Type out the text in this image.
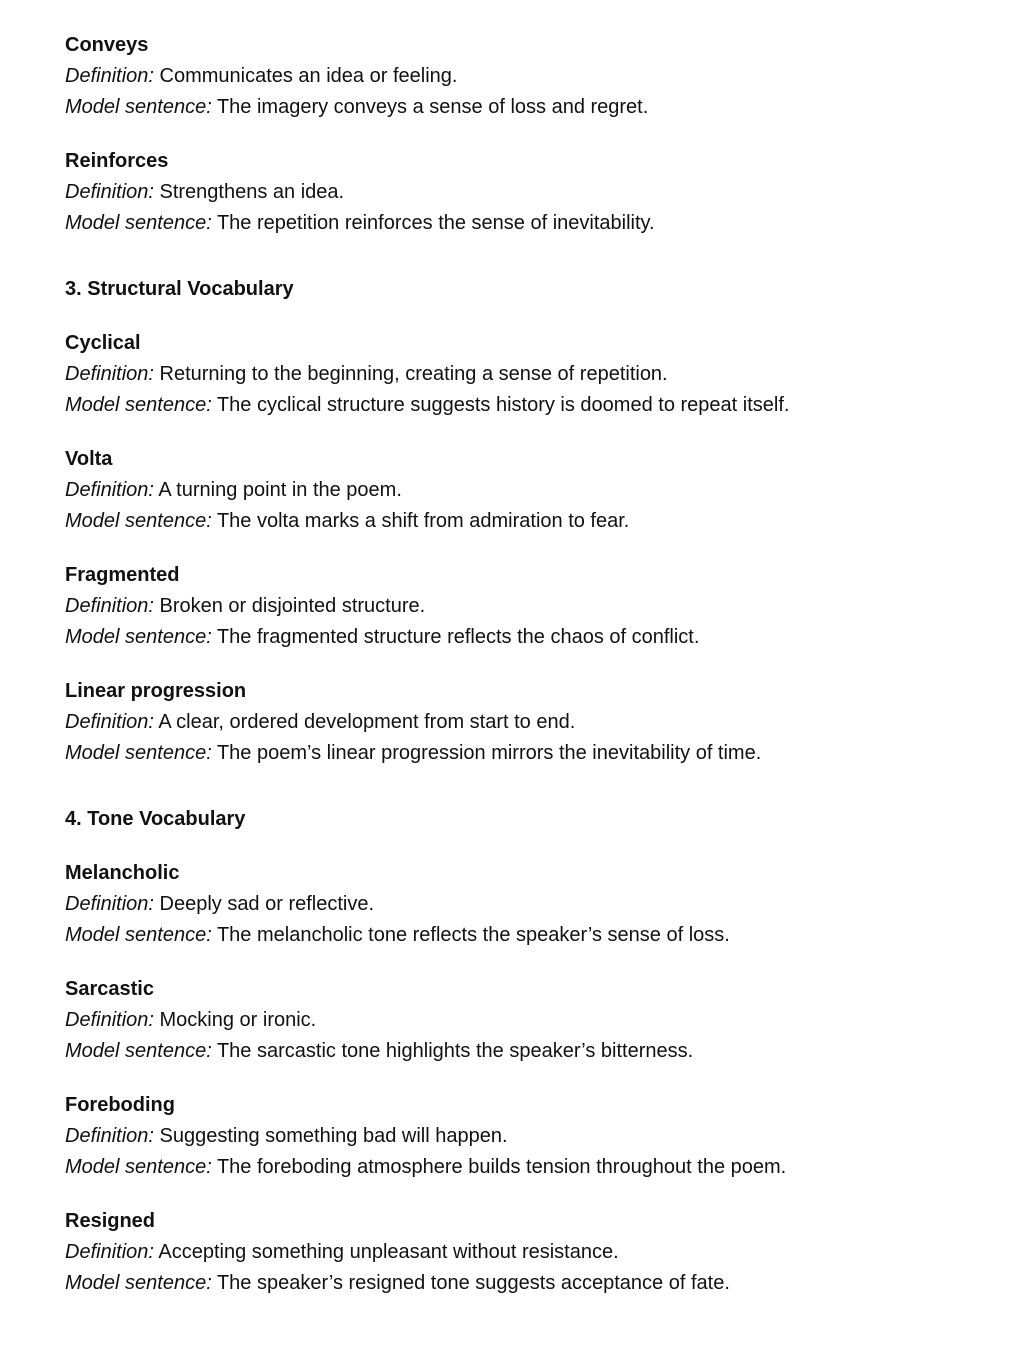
Conveys
Definition: Communicates an idea or feeling.
Model sentence: The imagery conveys a sense of loss and regret.
Reinforces
Definition: Strengthens an idea.
Model sentence: The repetition reinforces the sense of inevitability.
3. Structural Vocabulary
Cyclical
Definition: Returning to the beginning, creating a sense of repetition.
Model sentence: The cyclical structure suggests history is doomed to repeat itself.
Volta
Definition: A turning point in the poem.
Model sentence: The volta marks a shift from admiration to fear.
Fragmented
Definition: Broken or disjointed structure.
Model sentence: The fragmented structure reflects the chaos of conflict.
Linear progression
Definition: A clear, ordered development from start to end.
Model sentence: The poem’s linear progression mirrors the inevitability of time.
4. Tone Vocabulary
Melancholic
Definition: Deeply sad or reflective.
Model sentence: The melancholic tone reflects the speaker’s sense of loss.
Sarcastic
Definition: Mocking or ironic.
Model sentence: The sarcastic tone highlights the speaker’s bitterness.
Foreboding
Definition: Suggesting something bad will happen.
Model sentence: The foreboding atmosphere builds tension throughout the poem.
Resigned
Definition: Accepting something unpleasant without resistance.
Model sentence: The speaker’s resigned tone suggests acceptance of fate.
